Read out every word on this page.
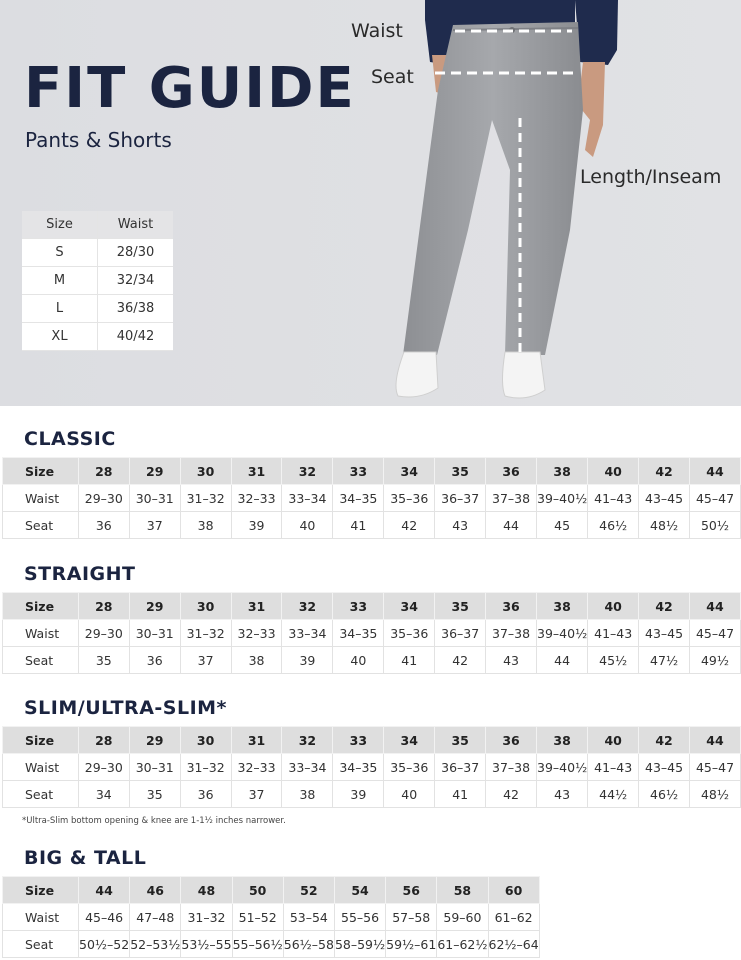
FIT GUIDE
Pants & Shorts
Size	Waist
S	28/30
M	32/34
L	36/38
XL	40/42
Waist
Seat
Length/Inseam
CLASSIC
Size	28	29	30	31	32	33	34	35	36	38	40	42	44
Waist	29–30	30–31	31–32	32–33	33–34	34–35	35–36	36–37	37–38	39–40½	41–43	43–45	45–47
Seat	36	37	38	39	40	41	42	43	44	45	46½	48½	50½
STRAIGHT
Size	28	29	30	31	32	33	34	35	36	38	40	42	44
Waist	29–30	30–31	31–32	32–33	33–34	34–35	35–36	36–37	37–38	39–40½	41–43	43–45	45–47
Seat	35	36	37	38	39	40	41	42	43	44	45½	47½	49½
SLIM/ULTRA-SLIM*
Size	28	29	30	31	32	33	34	35	36	38	40	42	44
Waist	29–30	30–31	31–32	32–33	33–34	34–35	35–36	36–37	37–38	39–40½	41–43	43–45	45–47
Seat	34	35	36	37	38	39	40	41	42	43	44½	46½	48½
*Ultra-Slim bottom opening & knee are 1-1½ inches narrower.
BIG & TALL
Size	44	46	48	50	52	54	56	58	60
Waist	45–46	47–48	31–32	51–52	53–54	55–56	57–58	59–60	61–62
Seat	50½–52	52–53½	53½–55	55–56½	56½–58	58–59½	59½–61	61–62½	62½–64
